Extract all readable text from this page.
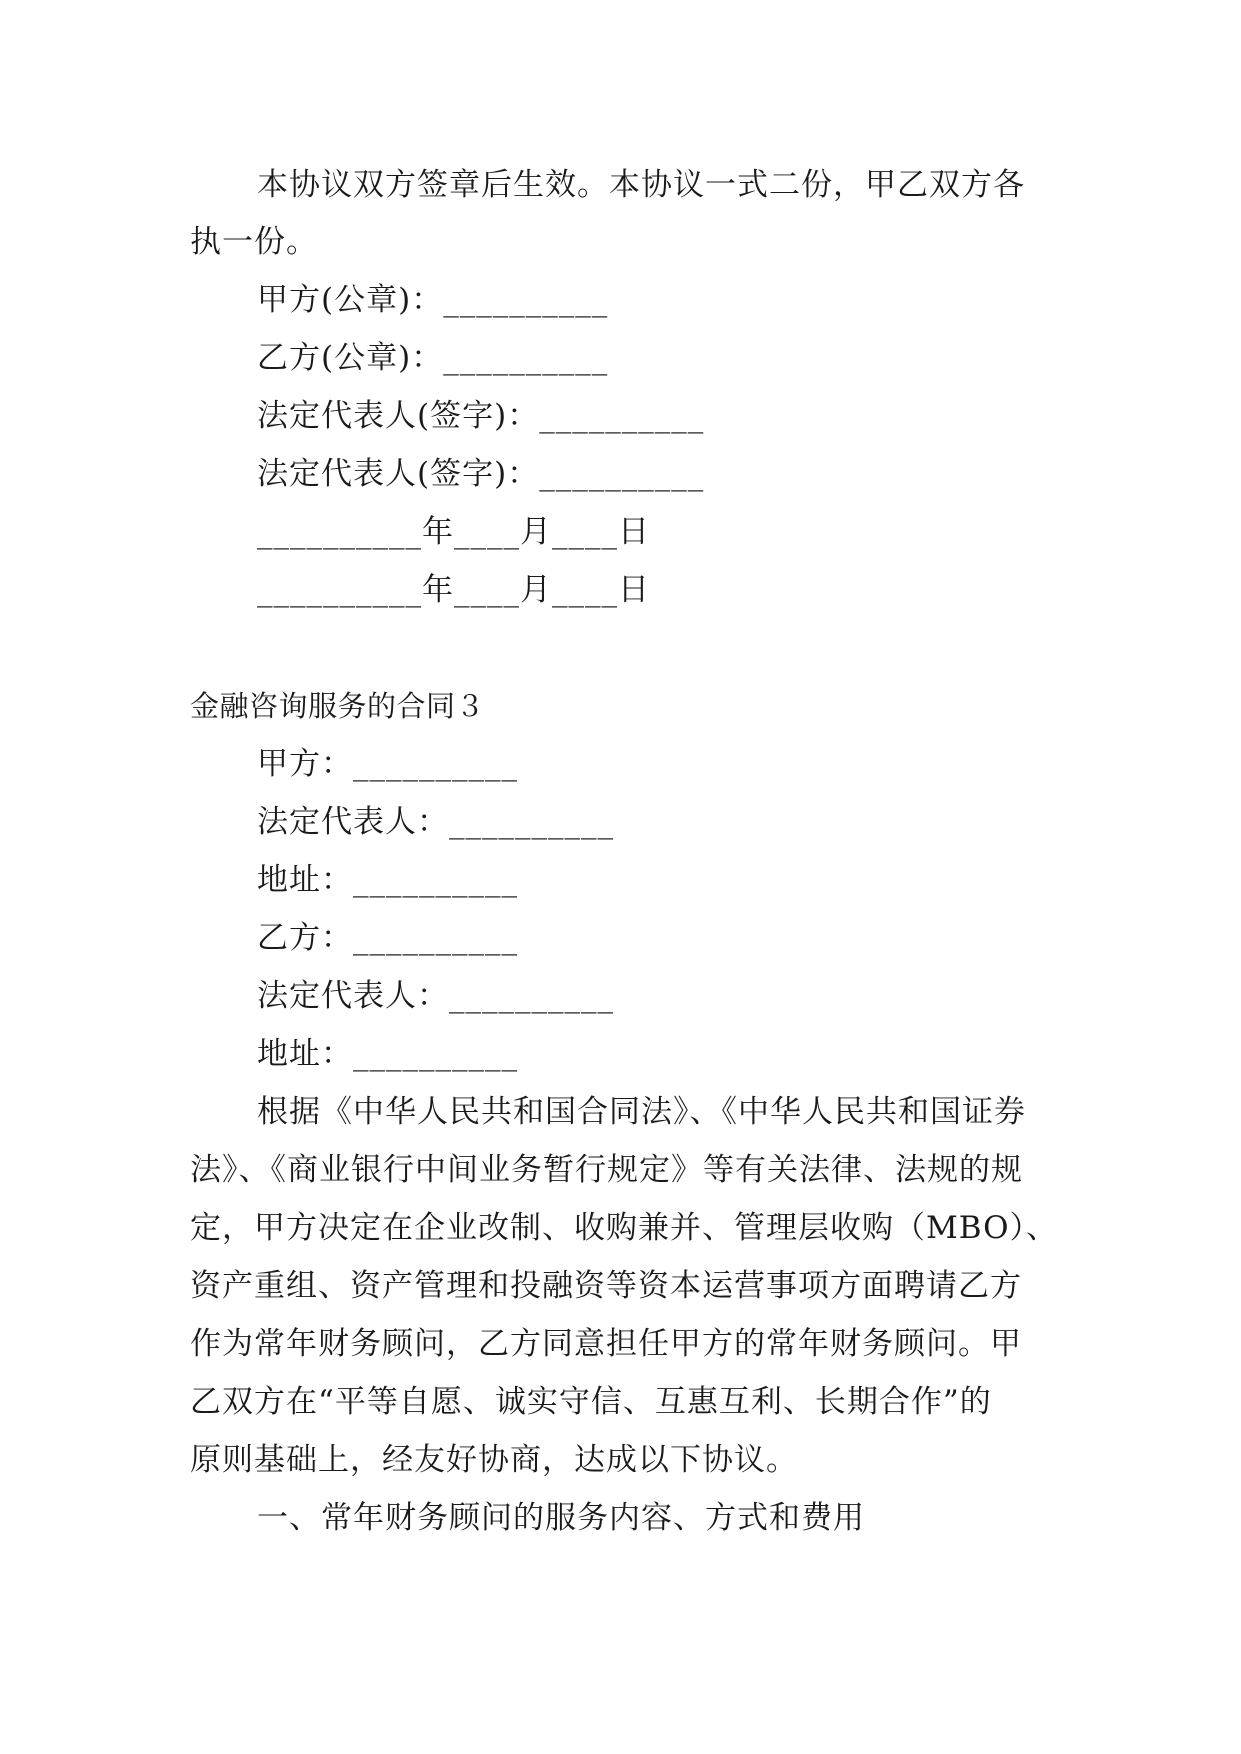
本协议双方签章后生效。本协议一式二份，甲乙双方各
执一份。
甲方(公章)：__________
乙方(公章)：__________
法定代表人(签字)：__________
法定代表人(签字)：__________
__________年____月____日
__________年____月____日
金融咨询服务的合同３
甲方：__________
法定代表人：__________
地址：__________
乙方：__________
法定代表人：__________
地址：__________
根据《中华人民共和国合同法》、《中华人民共和国证券
法》、《商业银行中间业务暂行规定》等有关法律、法规的规
定，甲方决定在企业改制、收购兼并、管理层收购（MBO）、
资产重组、资产管理和投融资等资本运营事项方面聘请乙方
作为常年财务顾问，乙方同意担任甲方的常年财务顾问。甲
乙双方在“平等自愿、诚实守信、互惠互利、长期合作”的
原则基础上，经友好协商，达成以下协议。
一、常年财务顾问的服务内容、方式和费用
